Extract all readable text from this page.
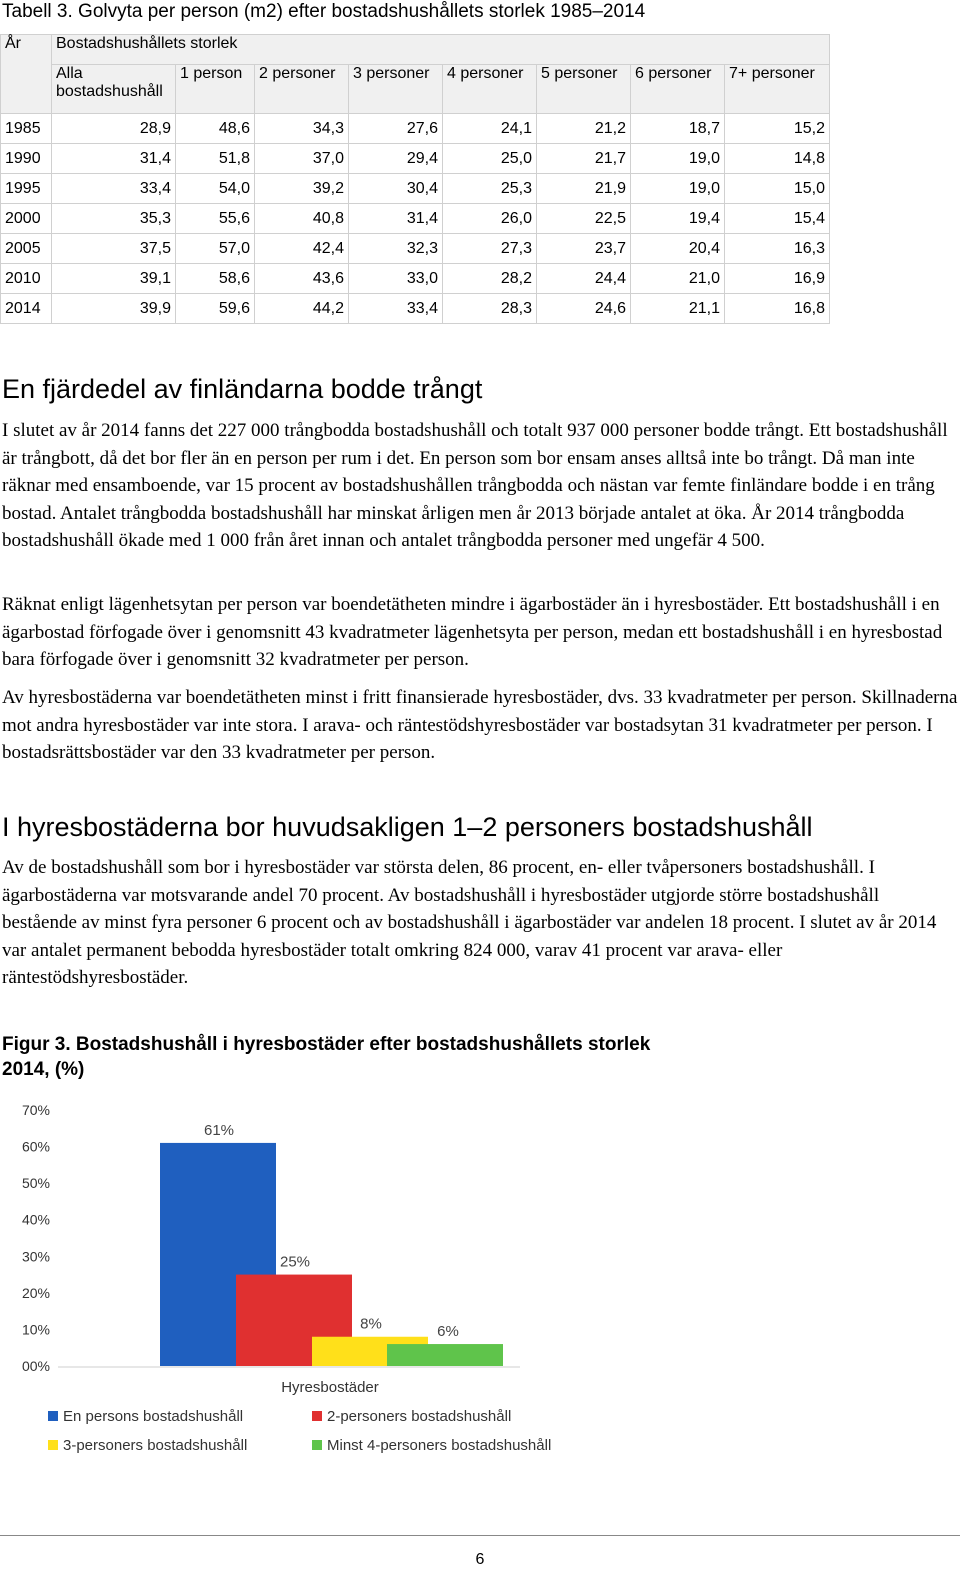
Tabell 3. Golvyta per person (m2) efter bostadshushållets storlek 1985–2014
År	Bostadshushållets storlek							
	Alla bostadshushåll	1 person	2 personer	3 personer	4 personer	5 personer	6 personer	7+ personer
1985	28,9	48,6	34,3	27,6	24,1	21,2	18,7	15,2
1990	31,4	51,8	37,0	29,4	25,0	21,7	19,0	14,8
1995	33,4	54,0	39,2	30,4	25,3	21,9	19,0	15,0
2000	35,3	55,6	40,8	31,4	26,0	22,5	19,4	15,4
2005	37,5	57,0	42,4	32,3	27,3	23,7	20,4	16,3
2010	39,1	58,6	43,6	33,0	28,2	24,4	21,0	16,9
2014	39,9	59,6	44,2	33,4	28,3	24,6	21,1	16,8
En fjärdedel av finländarna bodde trångt

I slutet av år 2014 fanns det 227 000 trångbodda bostadshushåll och totalt 937 000 personer bodde trångt. Ett bostadshushåll är trångbott, då det bor fler än en person per rum i det. En person som bor ensam anses alltså inte bo trångt. Då man inte räknar med ensamboende, var 15 procent av bostadshushållen trångbodda och nästan var femte finländare bodde i en trång bostad. Antalet trångbodda bostadshushåll har minskat årligen men år 2013 började antalet at öka. År 2014 trångbodda bostadshushåll ökade med 1 000 från året innan och antalet trångbodda personer med ungefär 4 500.

Räknat enligt lägenhetsytan per person var boendetätheten mindre i ägarbostäder än i hyresbostäder. Ett bostadshushåll i en ägarbostad förfogade över i genomsnitt 43 kvadratmeter lägenhetsyta per person, medan ett bostadshushåll i en hyresbostad bara förfogade över i genomsnitt 32 kvadratmeter per person.

Av hyresbostäderna var boendetätheten minst i fritt finansierade hyresbostäder, dvs. 33 kvadratmeter per person. Skillnaderna mot andra hyresbostäder var inte stora. I arava- och räntestödshyresbostäder var bostadsytan 31 kvadratmeter per person. I bostadsrättsbostäder var den 33 kvadratmeter per person.

I hyresbostäderna bor huvudsakligen 1–2 personers bostadshushåll

Av de bostadshushåll som bor i hyresbostäder var största delen, 86 procent, en- eller tvåpersoners bostadshushåll. I ägarbostäderna var motsvarande andel 70 procent. Av bostadshushåll i hyresbostäder utgjorde större bostadshushåll bestående av minst fyra personer 6 procent och av bostadshushåll i ägarbostäder var andelen 18 procent. I slutet av år 2014 var antalet permanent bebodda hyresbostäder totalt omkring 824 000, varav 41 procent var arava- eller räntestödshyresbostäder.

Figur 3. Bostadshushåll i hyresbostäder efter bostadshushållets storlek 2014, (%)

00%
10%
20%
30%
40%
50%
60%
70%
61%
25%
8%	6%
Hyresbostäder
En persons bostadshushåll	2-personers bostadshushåll
3-personers bostadshushåll	Minst 4-personers bostadshushåll
6
